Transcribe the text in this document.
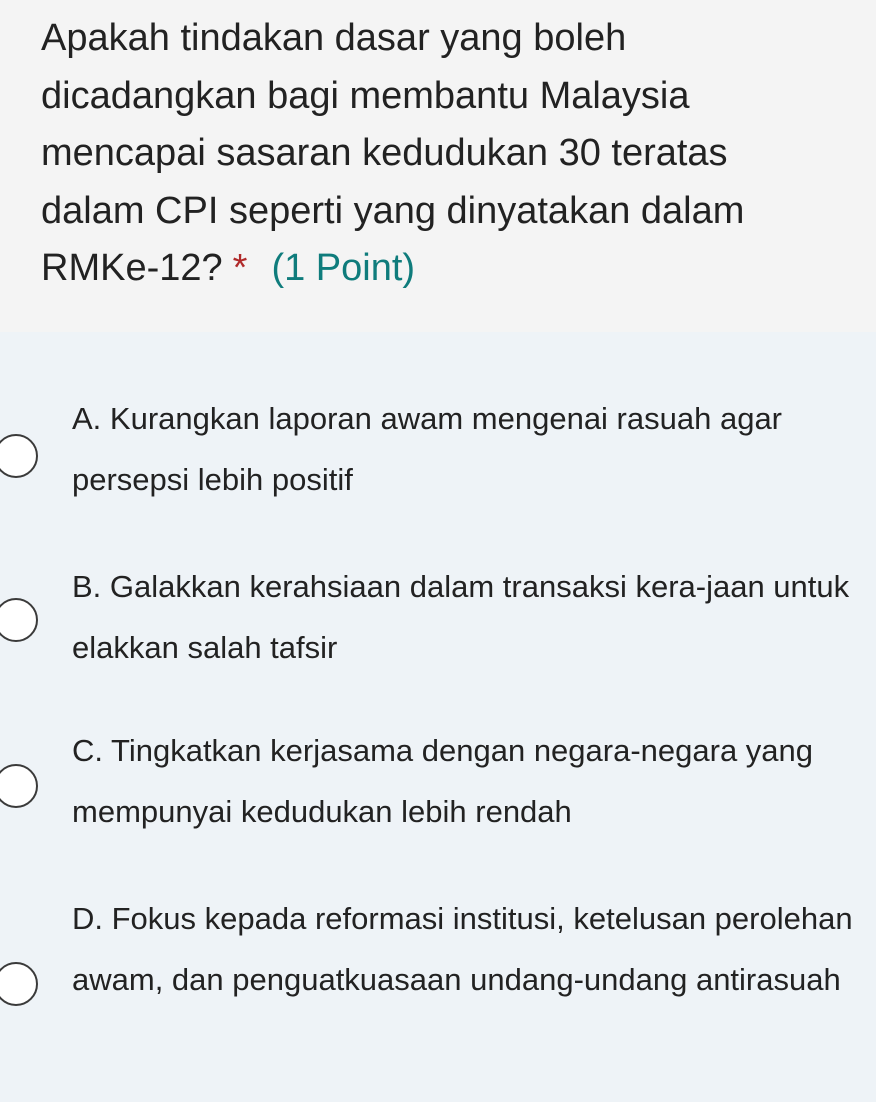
Apakah tindakan dasar yang boleh dicadangkan bagi membantu Malaysia mencapai sasaran kedudukan 30 teratas dalam CPI seperti yang dinyatakan dalam RMKe-12? * (1 Point)

A. Kurangkan laporan awam mengenai rasuah agar persepsi lebih positif
B. Galakkan kerahsiaan dalam transaksi kera-jaan untuk elakkan salah tafsir
C. Tingkatkan kerjasama dengan negara-negara yang mempunyai kedudukan lebih rendah
D. Fokus kepada reformasi institusi, ketelusan perolehan awam, dan penguatkuasaan undang-undang antirasuah
